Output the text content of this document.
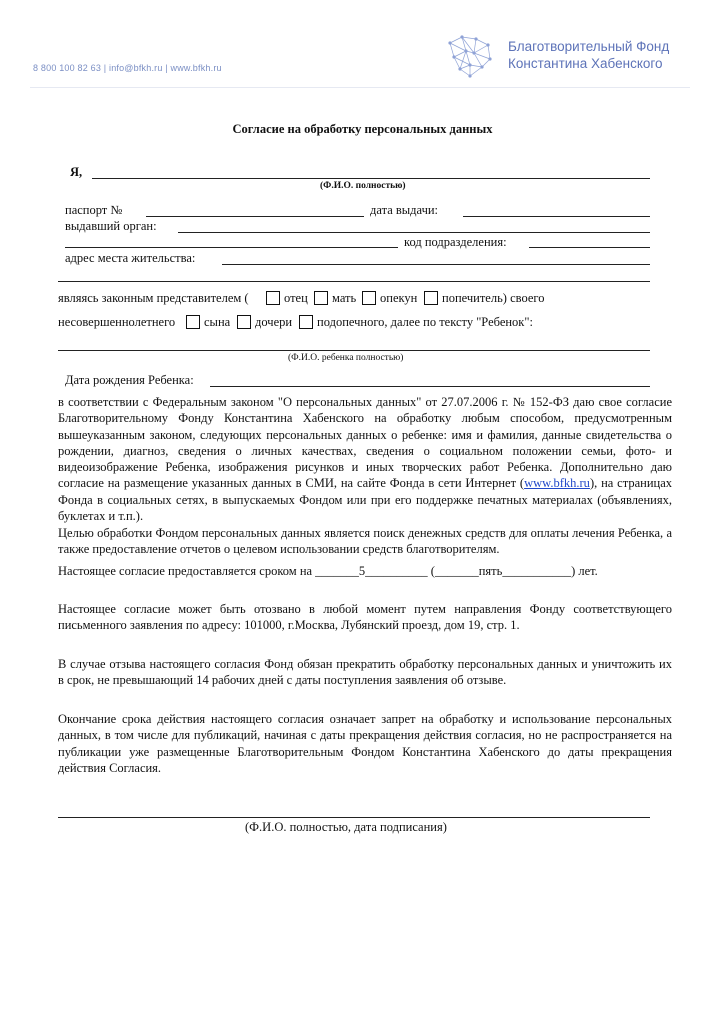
8 800 100 82 63 | info@bfkh.ru | www.bfkh.ru
Благотворительный Фонд
Константина Хабенского
Согласие на обработку персональных данных
Я,
(Ф.И.О. полностью)
паспорт №	дата выдачи:
выдавший орган:
код подразделения:
адрес места жительства:
являясь законным представителем (	отец мать опекун попечитель) своего
несовершеннолетнего сына дочери подопечного, далее по тексту "Ребенок":
(Ф.И.О. ребенка полностью)
Дата рождения Ребенка:
в соответствии с Федеральным законом "О персональных данных" от 27.07.2006 г. № 152-ФЗ даю свое согласие Благотворительному Фонду Константина Хабенского на обработку любым способом, предусмотренным вышеуказанным законом, следующих персональных данных о ребенке: имя и фамилия, данные свидетельства о рождении, диагноз, сведения о личных качествах, сведения о социальном положении семьи, фото- и видеоизображение Ребенка, изображения рисунков и иных творческих работ Ребенка. Дополнительно даю согласие на размещение указанных данных в СМИ, на сайте Фонда в сети Интернет (www.bfkh.ru), на страницах Фонда в социальных сетях, в выпускаемых Фондом или при его поддержке печатных материалах (объявлениях, буклетах и т.п.).
Целью обработки Фондом персональных данных является поиск денежных средств для оплаты лечения Ребенка, а также предоставление отчетов о целевом использовании средств благотворителям.
Настоящее согласие предоставляется сроком на _______5__________ (_______пять___________) лет.
Настоящее согласие может быть отозвано в любой момент путем направления Фонду соответствующего письменного заявления по адресу: 101000, г.Москва, Лубянский проезд, дом 19, стр. 1.
В случае отзыва настоящего согласия Фонд обязан прекратить обработку персональных данных и уничтожить их в срок, не превышающий 14 рабочих дней с даты поступления заявления об отзыве.
Окончание срока действия настоящего согласия означает запрет на обработку и использование персональных данных, в том числе для публикаций, начиная с даты прекращения действия согласия, но не распространяется на публикации уже размещенные Благотворительным Фондом Константина Хабенского до даты прекращения действия Согласия.
(Ф.И.О. полностью, дата подписания)
